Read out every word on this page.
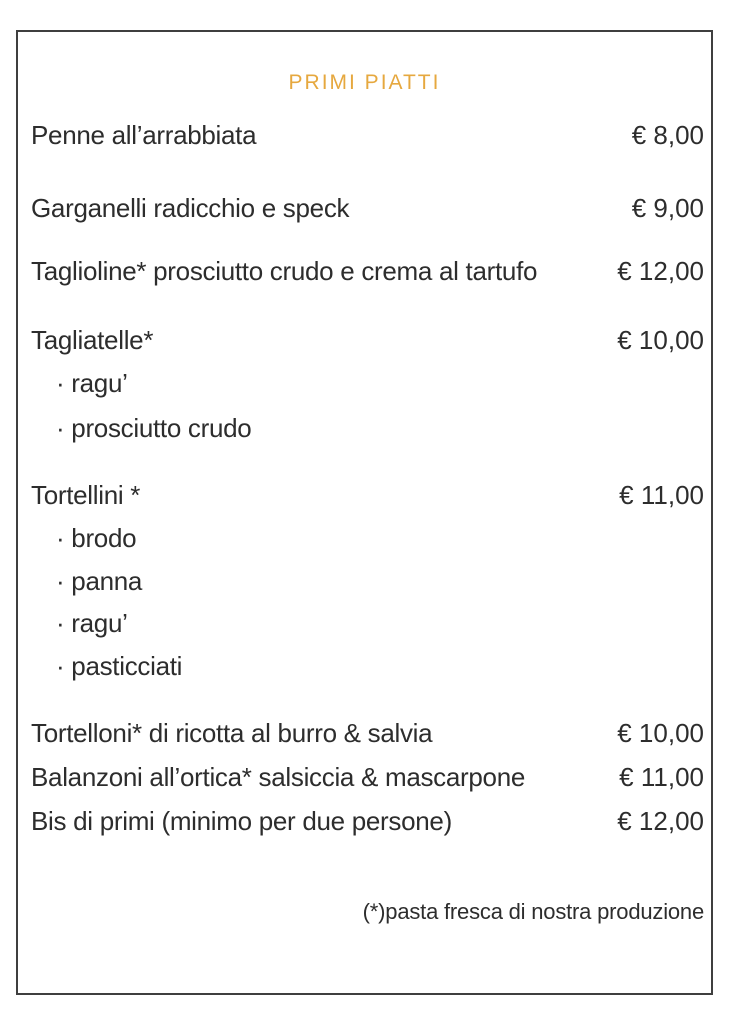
PRIMI PIATTI
Penne all’arrabbiata	€ 8,00
Garganelli radicchio e speck	€ 9,00
Taglioline* prosciutto crudo e crema al tartufo	€ 12,00
Tagliatelle*	€ 10,00
· ragu’
· prosciutto crudo
Tortellini *	€ 11,00
· brodo
· panna
· ragu’
· pasticciati
Tortelloni* di ricotta al burro & salvia	€ 10,00
Balanzoni all’ortica* salsiccia & mascarpone	€ 11,00
Bis di primi (minimo per due persone)	€ 12,00
(*)pasta fresca di nostra produzione
